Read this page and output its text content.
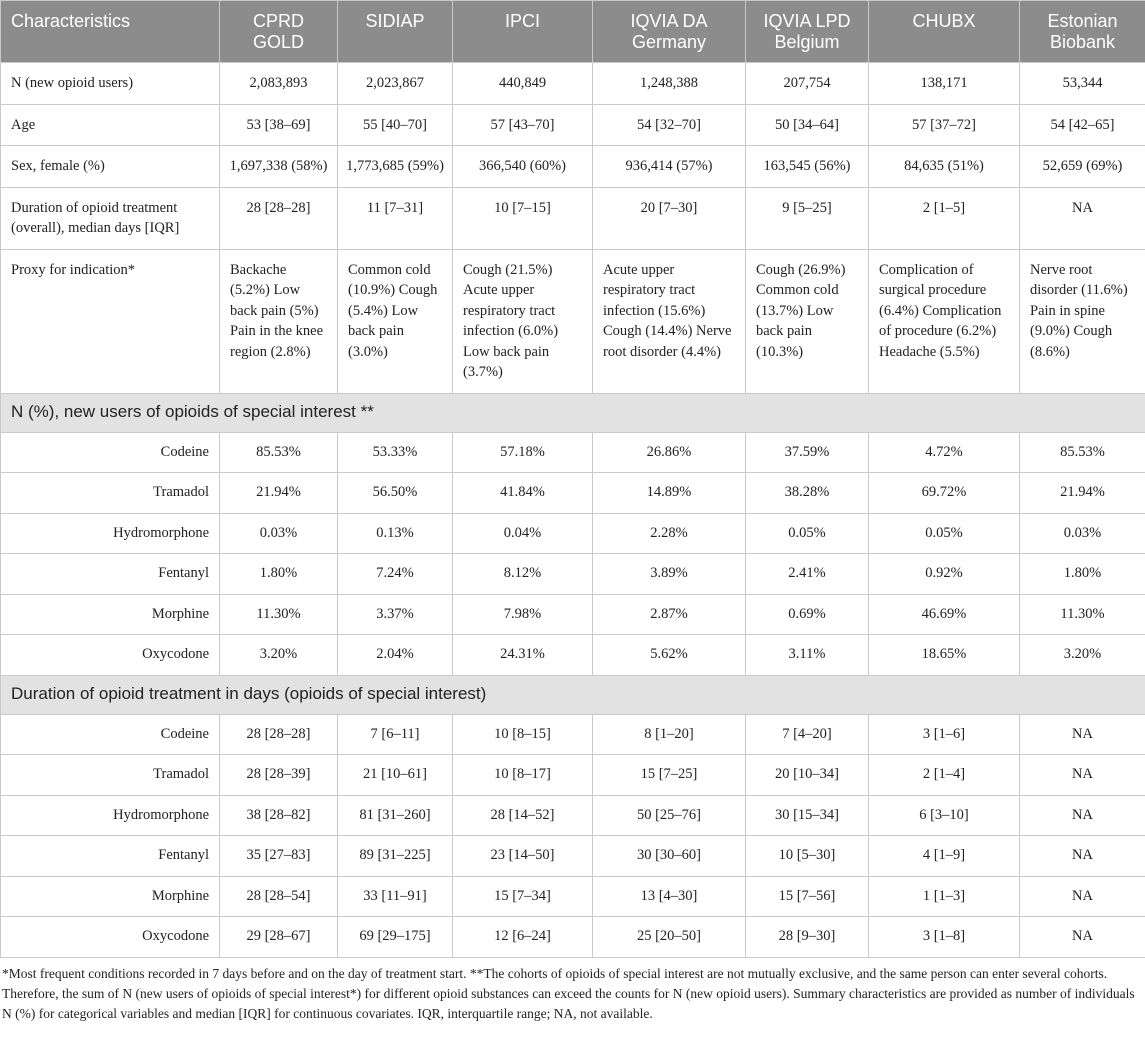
Characteristics	CPRD GOLD	SIDIAP	IPCI	IQVIA DA Germany	IQVIA LPD Belgium	CHUBX	Estonian Biobank
N (new opioid users)	2,083,893	2,023,867	440,849	1,248,388	207,754	138,171	53,344
Age	53 [38–69]	55 [40–70]	57 [43–70]	54 [32–70]	50 [34–64]	57 [37–72]	54 [42–65]
Sex, female (%)	1,697,338 (58%)	1,773,685 (59%)	366,540 (60%)	936,414 (57%)	163,545 (56%)	84,635 (51%)	52,659 (69%)
Duration of opioid treatment (overall), median days [IQR]	28 [28–28]	11 [7–31]	10 [7–15]	20 [7–30]	9 [5–25]	2 [1–5]	NA
Proxy for indication*	Backache (5.2%) Low back pain (5%) Pain in the knee region (2.8%)	Common cold (10.9%) Cough (5.4%) Low back pain (3.0%)	Cough (21.5%) Acute upper respiratory tract infection (6.0%) Low back pain (3.7%)	Acute upper respiratory tract infection (15.6%) Cough (14.4%) Nerve root disorder (4.4%)	Cough (26.9%) Common cold (13.7%) Low back pain (10.3%)	Complication of surgical procedure (6.4%) Complication of procedure (6.2%) Headache (5.5%)	Nerve root disorder (11.6%) Pain in spine (9.0%) Cough (8.6%)
N (%), new users of opioids of special interest **							
Codeine	85.53%	53.33%	57.18%	26.86%	37.59%	4.72%	85.53%
Tramadol	21.94%	56.50%	41.84%	14.89%	38.28%	69.72%	21.94%
Hydromorphone	0.03%	0.13%	0.04%	2.28%	0.05%	0.05%	0.03%
Fentanyl	1.80%	7.24%	8.12%	3.89%	2.41%	0.92%	1.80%
Morphine	11.30%	3.37%	7.98%	2.87%	0.69%	46.69%	11.30%
Oxycodone	3.20%	2.04%	24.31%	5.62%	3.11%	18.65%	3.20%
Duration of opioid treatment in days (opioids of special interest)							
Codeine	28 [28–28]	7 [6–11]	10 [8–15]	8 [1–20]	7 [4–20]	3 [1–6]	NA
Tramadol	28 [28–39]	21 [10–61]	10 [8–17]	15 [7–25]	20 [10–34]	2 [1–4]	NA
Hydromorphone	38 [28–82]	81 [31–260]	28 [14–52]	50 [25–76]	30 [15–34]	6 [3–10]	NA
Fentanyl	35 [27–83]	89 [31–225]	23 [14–50]	30 [30–60]	10 [5–30]	4 [1–9]	NA
Morphine	28 [28–54]	33 [11–91]	15 [7–34]	13 [4–30]	15 [7–56]	1 [1–3]	NA
Oxycodone	29 [28–67]	69 [29–175]	12 [6–24]	25 [20–50]	28 [9–30]	3 [1–8]	NA

*Most frequent conditions recorded in 7 days before and on the day of treatment start. **The cohorts of opioids of special interest are not mutually exclusive, and the same person can enter several cohorts. Therefore, the sum of N (new users of opioids of special interest*) for different opioid substances can exceed the counts for N (new opioid users). Summary characteristics are provided as number of individuals N (%) for categorical variables and median [IQR] for continuous covariates. IQR, interquartile range; NA, not available.
